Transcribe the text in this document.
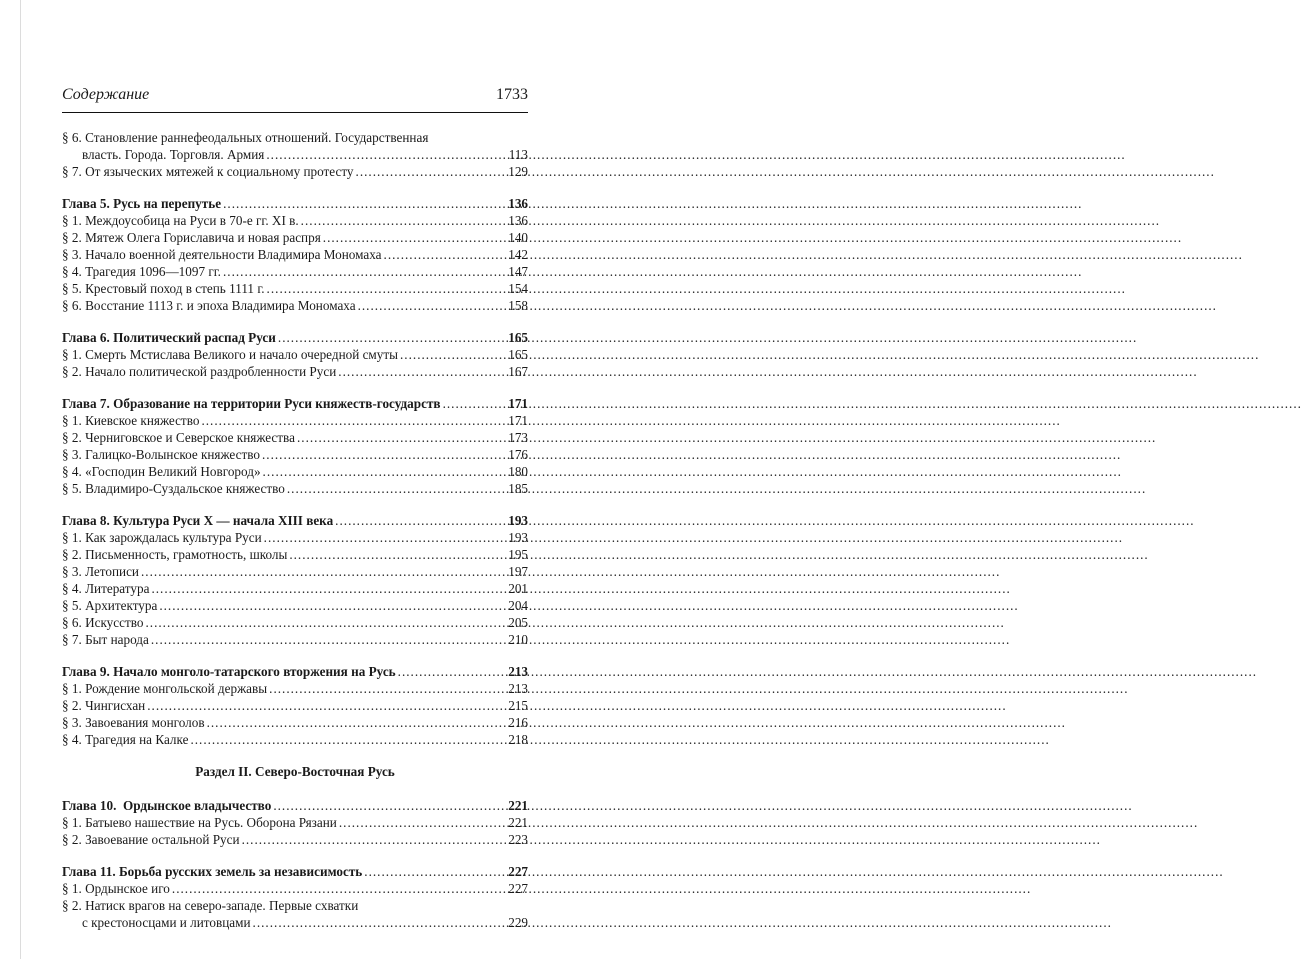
Содержание	1733
§ 6. Становление раннефеодальных отношений. Государственная
власть. Города. Торговля. Армия .....	113
§ 7. От языческих мятежей к социальному протесту .....	129
Глава 5. Русь на перепутье .....	136
§ 1. Междоусобица на Руси в 70-е гг. XI в. .....	136
§ 2. Мятеж Олега Гориславича и новая распря .....	140
§ 3. Начало военной деятельности Владимира Мономаха .....	142
§ 4. Трагедия 1096—1097 гг. .....	147
§ 5. Крестовый поход в степь 1111 г. .....	154
§ 6. Восстание 1113 г. и эпоха Владимира Мономаха .....	158
Глава 6. Политический распад Руси .....	165
§ 1. Смерть Мстислава Великого и начало очередной смуты .....	165
§ 2. Начало политической раздробленности Руси .....	167
Глава 7. Образование на территории Руси княжеств-государств .....	171
§ 1. Киевское княжество .....	171
§ 2. Черниговское и Северское княжества .....	173
§ 3. Галицко-Волынское княжество .....	176
§ 4. «Господин Великий Новгород» .....	180
§ 5. Владимиро-Суздальское княжество .....	185
Глава 8. Культура Руси X — начала XIII века .....	193
§ 1. Как зарождалась культура Руси .....	193
§ 2. Письменность, грамотность, школы .....	195
§ 3. Летописи .....	197
§ 4. Литература .....	201
§ 5. Архитектура .....	204
§ 6. Искусство .....	205
§ 7. Быт народа .....	210
Глава 9. Начало монголо-татарского вторжения на Русь .....	213
§ 1. Рождение монгольской державы .....	213
§ 2. Чингисхан .....	215
§ 3. Завоевания монголов .....	216
§ 4. Трагедия на Калке .....	218
Раздел II. Северо-Восточная Русь
Глава 10.  Ордынское владычество .....	221
§ 1. Батыево нашествие на Русь. Оборона Рязани .....	221
§ 2. Завоевание остальной Руси .....	223
Глава 11. Борьба русских земель за независимость .....	227
§ 1. Ордынское иго .....	227
§ 2. Натиск врагов на северо-западе. Первые схватки
с крестоносцами и литовцами .....	229
